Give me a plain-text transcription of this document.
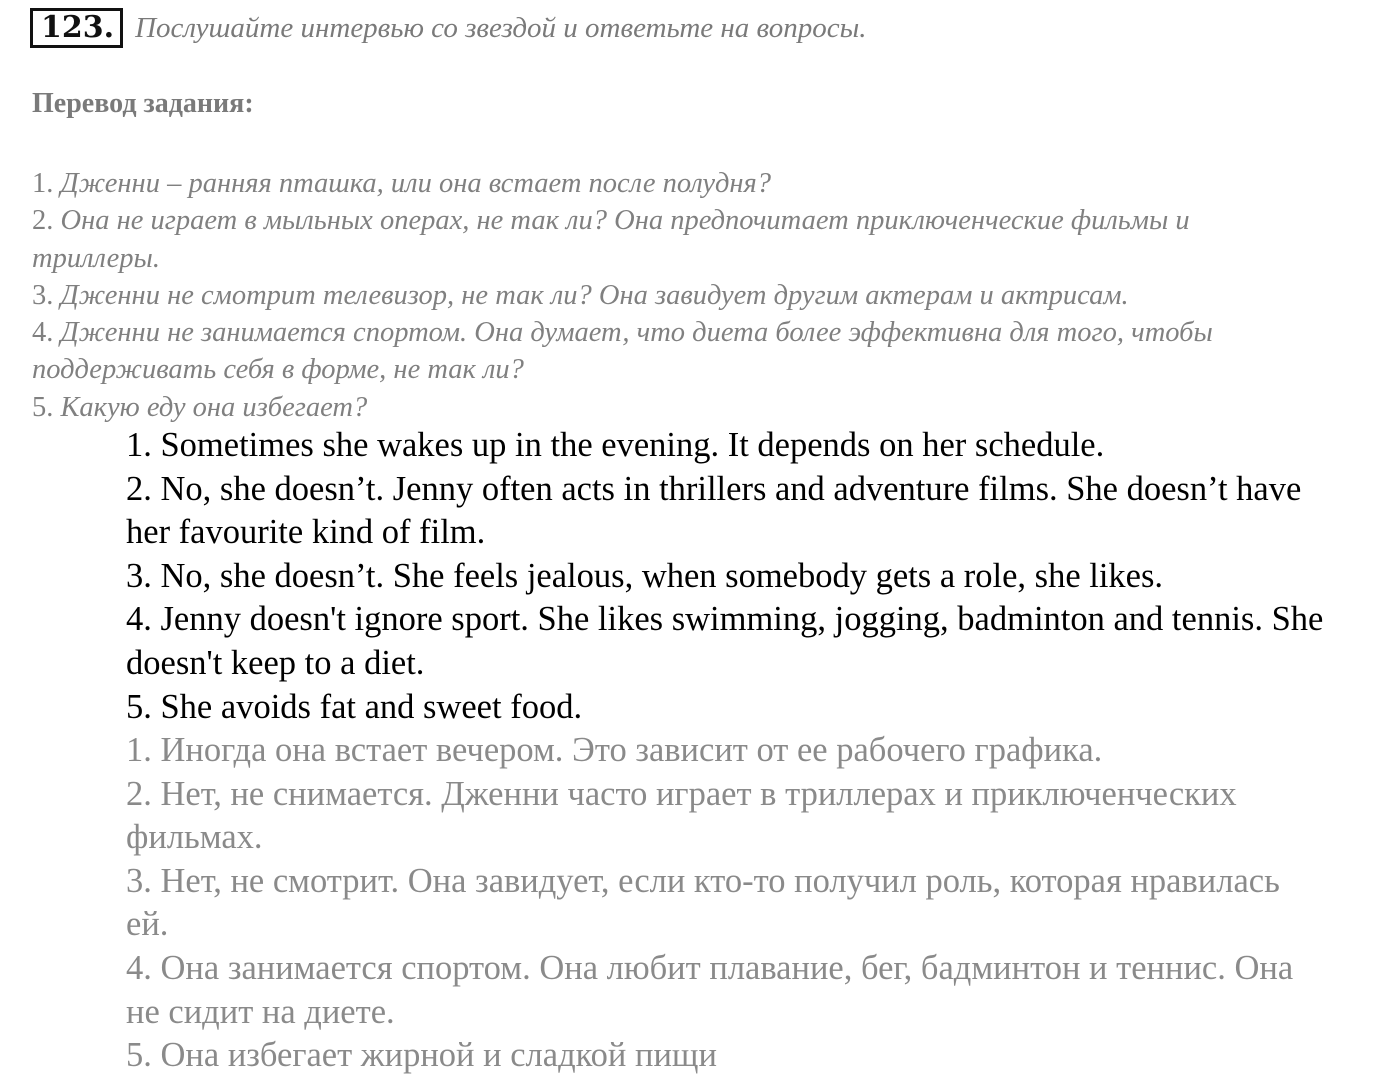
123. Послушайте интервью со звездой и ответьте на вопросы.
Перевод задания:
1. Дженни – ранняя пташка, или она встает после полудня?
2. Она не играет в мыльных операх, не так ли? Она предпочитает приключенческие фильмы и триллеры.
3. Дженни не смотрит телевизор, не так ли? Она завидует другим актерам и актрисам.
4. Дженни не занимается спортом. Она думает, что диета более эффективна для того, чтобы поддерживать себя в форме, не так ли?
5. Какую еду она избегает?
1. Sometimes she wakes up in the evening. It depends on her schedule.
2. No, she doesn’t. Jenny often acts in thrillers and adventure films. She doesn’t have her favourite kind of film.
3. No, she doesn’t. She feels jealous, when somebody gets a role, she likes.
4. Jenny doesn't ignore sport. She likes swimming, jogging, badminton and tennis. She doesn't keep to a diet.
5. She avoids fat and sweet food.
1. Иногда она встает вечером. Это зависит от ее рабочего графика.
2. Нет, не снимается. Дженни часто играет в триллерах и приключенческих фильмах.
3. Нет, не смотрит. Она завидует, если кто-то получил роль, которая нравилась ей.
4. Она занимается спортом. Она любит плавание, бег, бадминтон и теннис. Она не сидит на диете.
5. Она избегает жирной и сладкой пищи
